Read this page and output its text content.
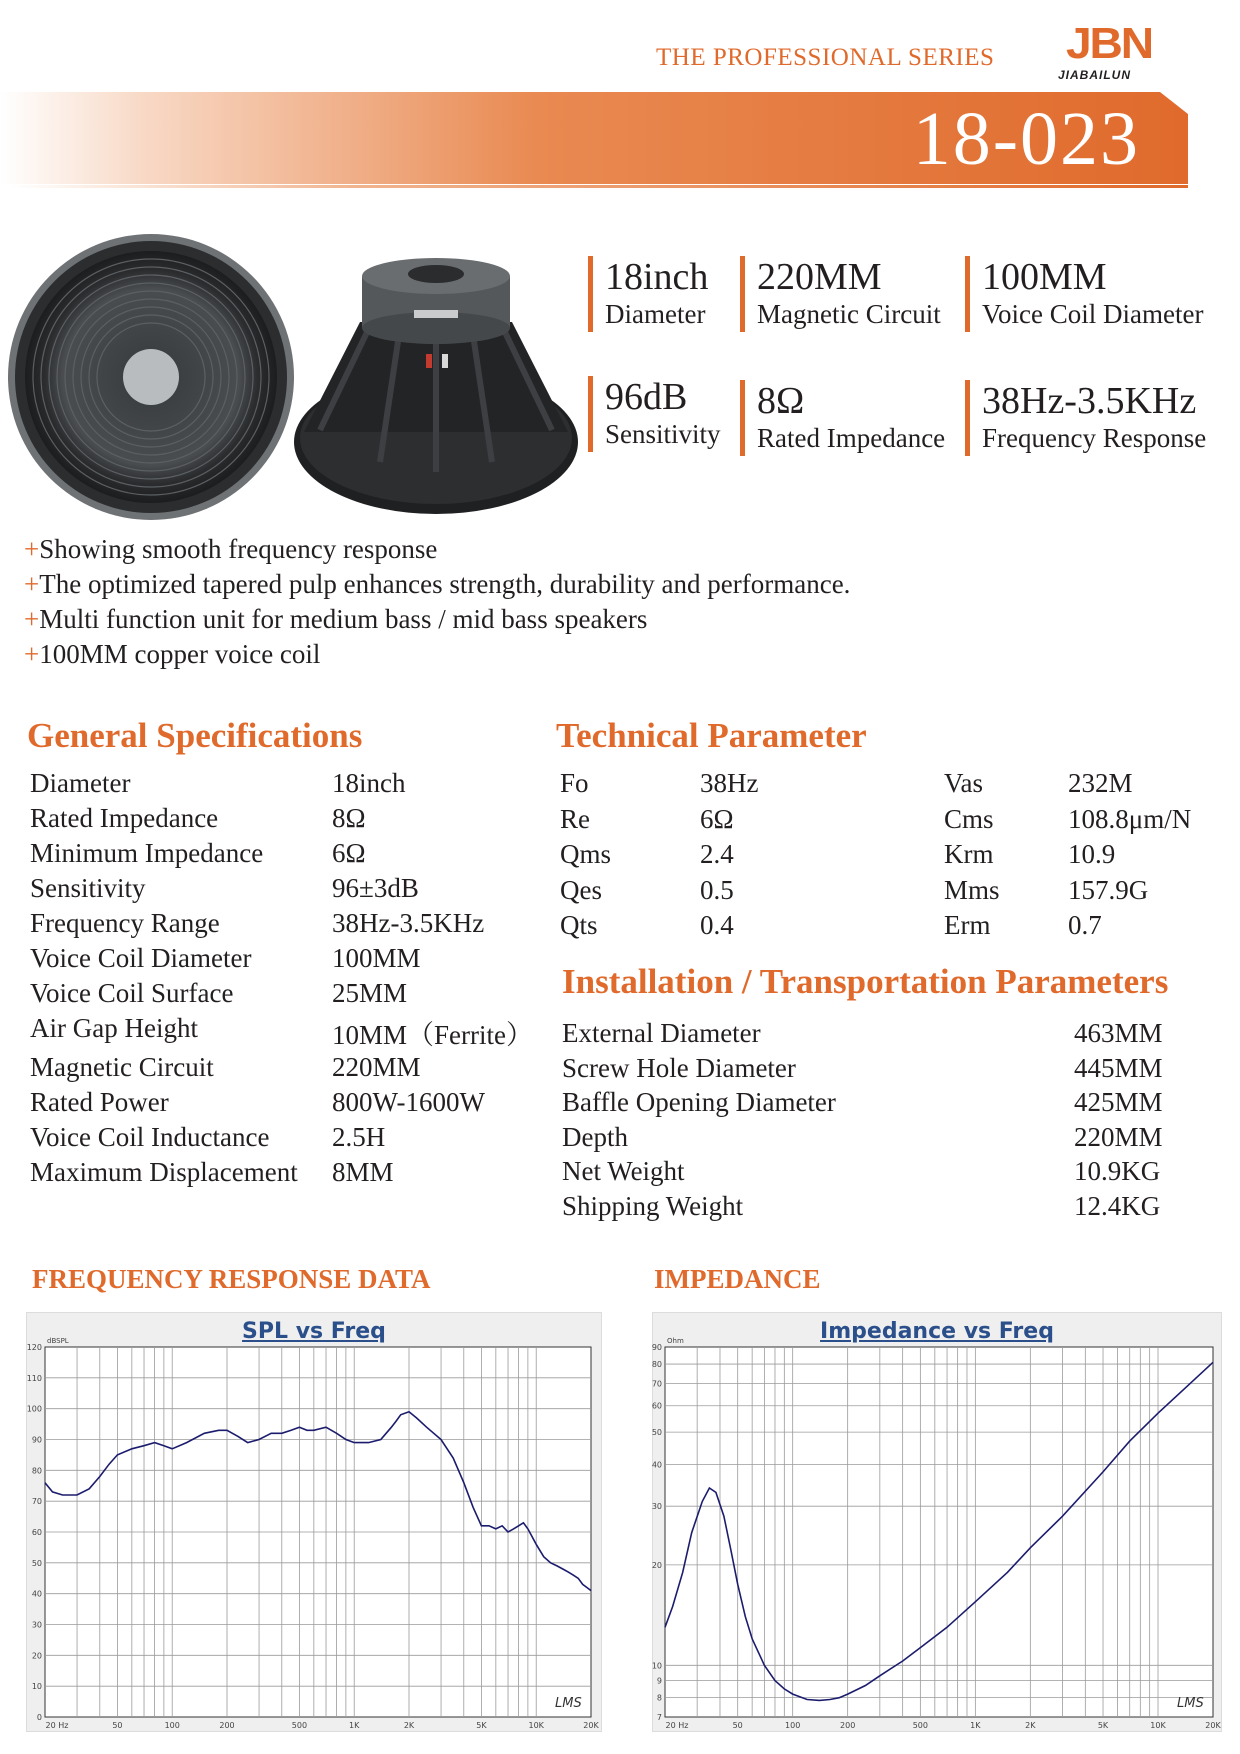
THE PROFESSIONAL SERIES JBN
JIABAILUN
18-023
18inch
Diameter
220MM
Magnetic Circuit
100MM
Voice Coil Diameter
96dB
Sensitivity
8Ω
Rated Impedance
38Hz-3.5KHz
Frequency Response
+Showing smooth frequency response
+The optimized tapered pulp enhances strength, durability and performance.
+Multi function unit for medium bass / mid bass speakers
+100MM copper voice coil
General Specifications
Diameter	18inch
Rated Impedance	8Ω
Minimum Impedance	6Ω
Sensitivity	96±3dB
Frequency Range	38Hz-3.5KHz
Voice Coil Diameter	100MM
Voice Coil Surface	25MM
Air Gap Height	10MM（Ferrite）
Magnetic Circuit	220MM
Rated Power	800W-1600W
Voice Coil Inductance	2.5H
Maximum Displacement	8MM
Technical Parameter
Fo	38Hz	Vas	232M
Re	6Ω	Cms	108.8μm/N
Qms	2.4	Krm	10.9
Qes	0.5	Mms	157.9G
Qts	0.4	Erm	0.7
Installation / Transportation Parameters
External Diameter	463MM
Screw Hole Diameter	445MM
Baffle Opening Diameter	425MM
Depth	220MM
Net Weight	10.9KG
Shipping Weight	12.4KG
FREQUENCY RESPONSE DATA	IMPEDANCE
SPL vs Freq
0
10
20
30
40
50
60
70
80
90
100
110
120
20 Hz	50	100	200	500	1K	2K	5K	10K	20K
dBSPL
LMS
Impedance vs Freq
7
8
9
10
20
30
40
50
60
70
80
90
20 Hz	50	100	200	500	1K	2K	5K	10K	20K
Ohm
LMS
